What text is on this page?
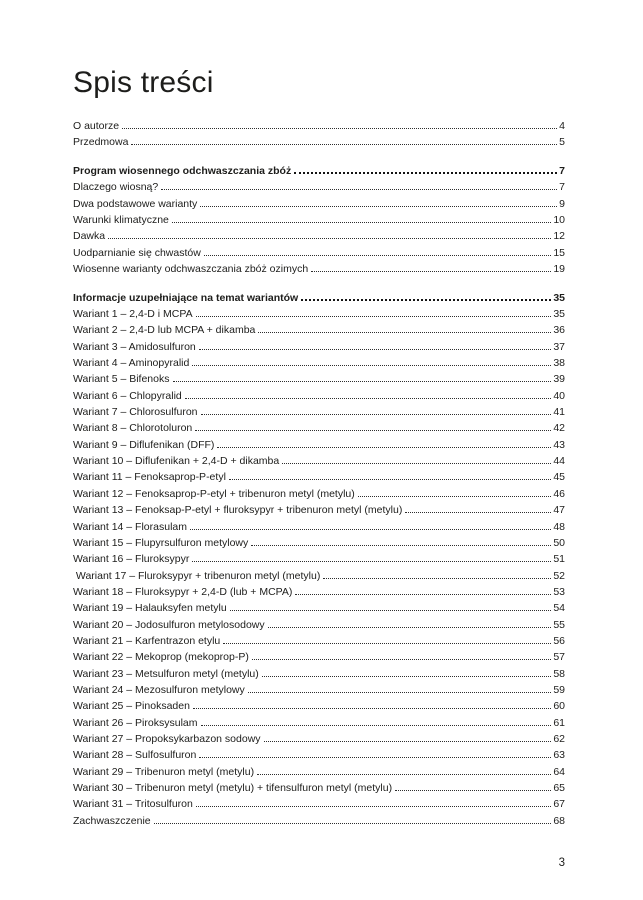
Spis treści
O autorze	4
Przedmowa	5
Program wiosennego odchwaszczania zbóż	7
Dlaczego wiosną?	7
Dwa podstawowe warianty	9
Warunki klimatyczne	10
Dawka	12
Uodparnianie się chwastów	15
Wiosenne warianty odchwaszczania zbóż ozimych	19
Informacje uzupełniające na temat wariantów	35
Wariant 1 – 2,4-D i MCPA	35
Wariant 2 – 2,4-D lub MCPA + dikamba	36
Wariant 3 – Amidosulfuron	37
Wariant 4 – Aminopyralid	38
Wariant 5 – Bifenoks	39
Wariant 6 – Chlopyralid	40
Wariant 7 – Chlorosulfuron	41
Wariant 8 – Chlorotoluron	42
Wariant 9 – Diflufenikan (DFF)	43
Wariant 10 – Diflufenikan + 2,4-D + dikamba	44
Wariant 11 – Fenoksaprop-P-etyl	45
Wariant 12 – Fenoksaprop-P-etyl + tribenuron metyl (metylu)	46
Wariant 13 – Fenoksap-P-etyl + fluroksypyr + tribenuron metyl (metylu)	47
Wariant 14 – Florasulam	48
Wariant 15 – Flupyrsulfuron metylowy	50
Wariant 16 – Fluroksypyr	51
Wariant 17 – Fluroksypyr + tribenuron metyl (metylu)	52
Wariant 18 – Fluroksypyr + 2,4-D (lub + MCPA)	53
Wariant 19 – Halauksyfen metylu	54
Wariant 20 – Jodosulfuron metylosodowy	55
Wariant 21 – Karfentrazon etylu	56
Wariant 22 – Mekoprop (mekoprop-P)	57
Wariant 23 – Metsulfuron metyl (metylu)	58
Wariant 24 – Mezosulfuron metylowy	59
Wariant 25 – Pinoksaden	60
Wariant 26 – Piroksysulam	61
Wariant 27 – Propoksykarbazon sodowy	62
Wariant 28 – Sulfosulfuron	63
Wariant 29 – Tribenuron metyl (metylu)	64
Wariant 30 – Tribenuron metyl (metylu) + tifensulfuron metyl (metylu)	65
Wariant 31 – Tritosulfuron	67
Zachwaszczenie	68
3
